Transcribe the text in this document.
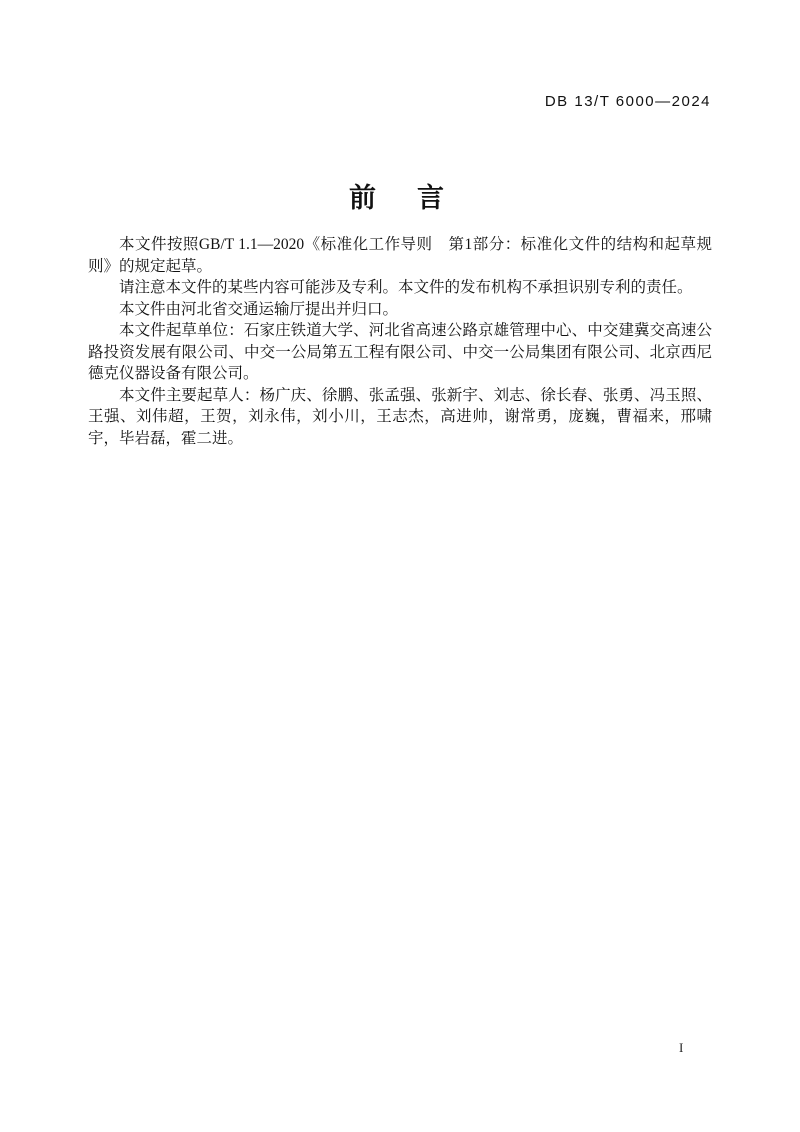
DB 13/T 6000—2024
前　言

本文件按照GB/T 1.1—2020《标准化工作导则　第1部分：标准化文件的结构和起草规则》的规定起草。

请注意本文件的某些内容可能涉及专利。本文件的发布机构不承担识别专利的责任。

本文件由河北省交通运输厅提出并归口。

本文件起草单位：石家庄铁道大学、河北省高速公路京雄管理中心、中交建冀交高速公路投资发展有限公司、中交一公局第五工程有限公司、中交一公局集团有限公司、北京西尼德克仪器设备有限公司。

本文件主要起草人：杨广庆、徐鹏、张孟强、张新宇、刘志、徐长春、张勇、冯玉照、王强、刘伟超，王贺，刘永伟，刘小川，王志杰，高进帅，谢常勇，庞巍，曹福来，邢啸宇，毕岩磊，霍二进。

I
